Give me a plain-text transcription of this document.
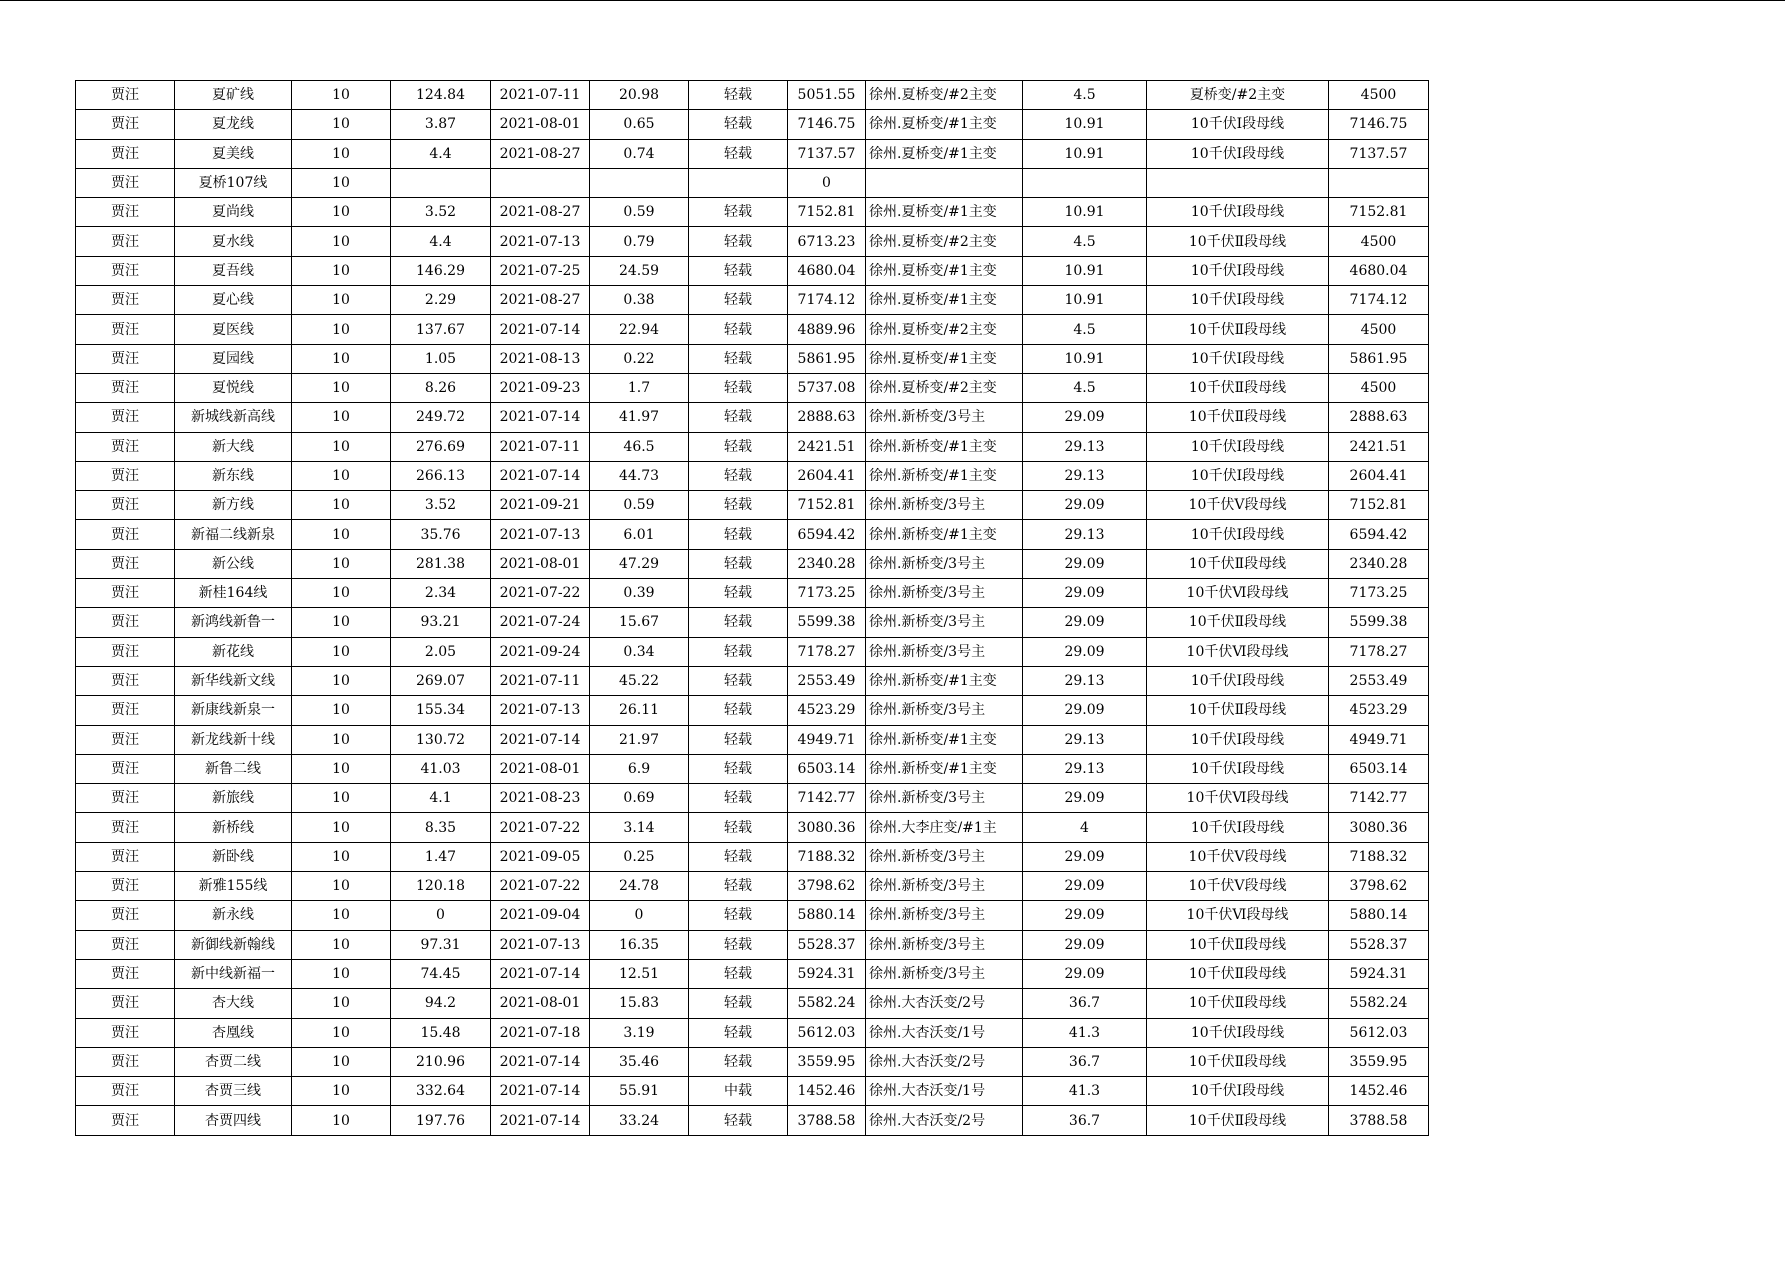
贾汪	夏矿线	10	124.84	2021-07-11	20.98	轻载	5051.55	徐州.夏桥变/#2主变	4.5	夏桥变/#2主变	4500
贾汪	夏龙线	10	3.87	2021-08-01	0.65	轻载	7146.75	徐州.夏桥变/#1主变	10.91	10千伏Ⅰ段母线	7146.75
贾汪	夏美线	10	4.4	2021-08-27	0.74	轻载	7137.57	徐州.夏桥变/#1主变	10.91	10千伏Ⅰ段母线	7137.57
贾汪	夏桥107线	10					0				
贾汪	夏尚线	10	3.52	2021-08-27	0.59	轻载	7152.81	徐州.夏桥变/#1主变	10.91	10千伏Ⅰ段母线	7152.81
贾汪	夏水线	10	4.4	2021-07-13	0.79	轻载	6713.23	徐州.夏桥变/#2主变	4.5	10千伏Ⅱ段母线	4500
贾汪	夏吾线	10	146.29	2021-07-25	24.59	轻载	4680.04	徐州.夏桥变/#1主变	10.91	10千伏Ⅰ段母线	4680.04
贾汪	夏心线	10	2.29	2021-08-27	0.38	轻载	7174.12	徐州.夏桥变/#1主变	10.91	10千伏Ⅰ段母线	7174.12
贾汪	夏医线	10	137.67	2021-07-14	22.94	轻载	4889.96	徐州.夏桥变/#2主变	4.5	10千伏Ⅱ段母线	4500
贾汪	夏园线	10	1.05	2021-08-13	0.22	轻载	5861.95	徐州.夏桥变/#1主变	10.91	10千伏Ⅰ段母线	5861.95
贾汪	夏悦线	10	8.26	2021-09-23	1.7	轻载	5737.08	徐州.夏桥变/#2主变	4.5	10千伏Ⅱ段母线	4500
贾汪	新城线新高线	10	249.72	2021-07-14	41.97	轻载	2888.63	徐州.新桥变/3号主	29.09	10千伏Ⅱ段母线	2888.63
贾汪	新大线	10	276.69	2021-07-11	46.5	轻载	2421.51	徐州.新桥变/#1主变	29.13	10千伏Ⅰ段母线	2421.51
贾汪	新东线	10	266.13	2021-07-14	44.73	轻载	2604.41	徐州.新桥变/#1主变	29.13	10千伏Ⅰ段母线	2604.41
贾汪	新方线	10	3.52	2021-09-21	0.59	轻载	7152.81	徐州.新桥变/3号主	29.09	10千伏Ⅴ段母线	7152.81
贾汪	新福二线新泉	10	35.76	2021-07-13	6.01	轻载	6594.42	徐州.新桥变/#1主变	29.13	10千伏Ⅰ段母线	6594.42
贾汪	新公线	10	281.38	2021-08-01	47.29	轻载	2340.28	徐州.新桥变/3号主	29.09	10千伏Ⅱ段母线	2340.28
贾汪	新桂164线	10	2.34	2021-07-22	0.39	轻载	7173.25	徐州.新桥变/3号主	29.09	10千伏Ⅵ段母线	7173.25
贾汪	新鸿线新鲁一	10	93.21	2021-07-24	15.67	轻载	5599.38	徐州.新桥变/3号主	29.09	10千伏Ⅱ段母线	5599.38
贾汪	新花线	10	2.05	2021-09-24	0.34	轻载	7178.27	徐州.新桥变/3号主	29.09	10千伏Ⅵ段母线	7178.27
贾汪	新华线新文线	10	269.07	2021-07-11	45.22	轻载	2553.49	徐州.新桥变/#1主变	29.13	10千伏Ⅰ段母线	2553.49
贾汪	新康线新泉一	10	155.34	2021-07-13	26.11	轻载	4523.29	徐州.新桥变/3号主	29.09	10千伏Ⅱ段母线	4523.29
贾汪	新龙线新十线	10	130.72	2021-07-14	21.97	轻载	4949.71	徐州.新桥变/#1主变	29.13	10千伏Ⅰ段母线	4949.71
贾汪	新鲁二线	10	41.03	2021-08-01	6.9	轻载	6503.14	徐州.新桥变/#1主变	29.13	10千伏Ⅰ段母线	6503.14
贾汪	新旅线	10	4.1	2021-08-23	0.69	轻载	7142.77	徐州.新桥变/3号主	29.09	10千伏Ⅵ段母线	7142.77
贾汪	新桥线	10	8.35	2021-07-22	3.14	轻载	3080.36	徐州.大李庄变/#1主	4	10千伏Ⅰ段母线	3080.36
贾汪	新卧线	10	1.47	2021-09-05	0.25	轻载	7188.32	徐州.新桥变/3号主	29.09	10千伏Ⅴ段母线	7188.32
贾汪	新雅155线	10	120.18	2021-07-22	24.78	轻载	3798.62	徐州.新桥变/3号主	29.09	10千伏Ⅴ段母线	3798.62
贾汪	新永线	10	0	2021-09-04	0	轻载	5880.14	徐州.新桥变/3号主	29.09	10千伏Ⅵ段母线	5880.14
贾汪	新御线新翰线	10	97.31	2021-07-13	16.35	轻载	5528.37	徐州.新桥变/3号主	29.09	10千伏Ⅱ段母线	5528.37
贾汪	新中线新福一	10	74.45	2021-07-14	12.51	轻载	5924.31	徐州.新桥变/3号主	29.09	10千伏Ⅱ段母线	5924.31
贾汪	杏大线	10	94.2	2021-08-01	15.83	轻载	5582.24	徐州.大杏沃变/2号	36.7	10千伏Ⅱ段母线	5582.24
贾汪	杏凰线	10	15.48	2021-07-18	3.19	轻载	5612.03	徐州.大杏沃变/1号	41.3	10千伏Ⅰ段母线	5612.03
贾汪	杏贾二线	10	210.96	2021-07-14	35.46	轻载	3559.95	徐州.大杏沃变/2号	36.7	10千伏Ⅱ段母线	3559.95
贾汪	杏贾三线	10	332.64	2021-07-14	55.91	中载	1452.46	徐州.大杏沃变/1号	41.3	10千伏Ⅰ段母线	1452.46
贾汪	杏贾四线	10	197.76	2021-07-14	33.24	轻载	3788.58	徐州.大杏沃变/2号	36.7	10千伏Ⅱ段母线	3788.58
